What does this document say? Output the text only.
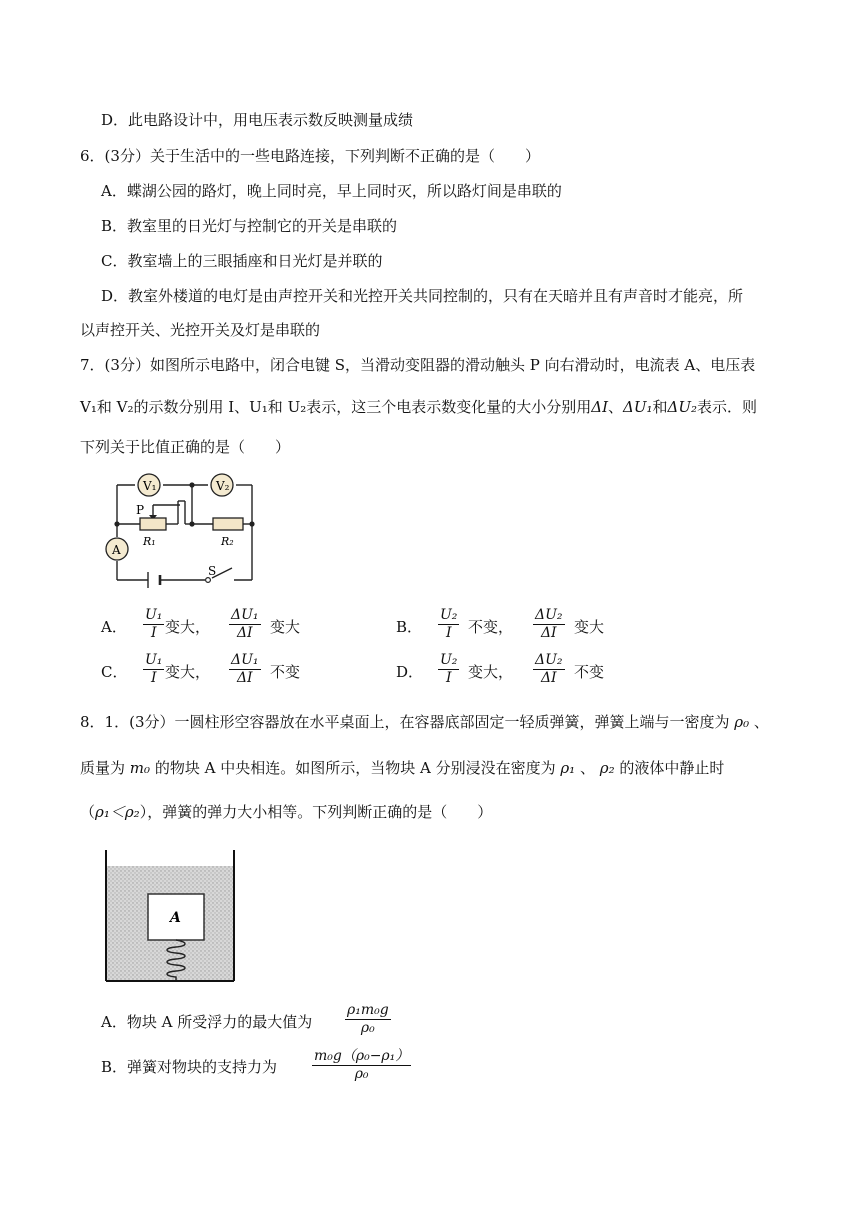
D．此电路设计中，用电压表示数反映测量成绩
6．(3分）关于生活中的一些电路连接，下列判断不正确的是（　　）
A．蝶湖公园的路灯，晚上同时亮，早上同时灭，所以路灯间是串联的
B．教室里的日光灯与控制它的开关是串联的
C．教室墙上的三眼插座和日光灯是并联的
D．教室外楼道的电灯是由声控开关和光控开关共同控制的，只有在天暗并且有声音时才能亮，所
以声控开关、光控开关及灯是串联的
7．(3分）如图所示电路中，闭合电键 S，当滑动变阻器的滑动触头 P 向右滑动时，电流表 A、电压表
V₁和 V₂的示数分别用 I、U₁和 U₂表示，这三个电表示数变化量的大小分别用ΔI、ΔU₁和ΔU₂表示．则
下列关于比值正确的是（　　）
V₁	V₂
A
P
R₁	R₂
S
A． $\frac{\text{U₁}}{I}$ 变大， $\frac{\text{ΔU₁}}{\Delta I}$ 变大	B． $\frac{\text{U₂}}{I}$ 不变， $\frac{\text{ΔU₂}}{\Delta I}$ 变大
C． $\frac{\text{U₁}}{I}$ 变大， $\frac{\text{ΔU₁}}{\Delta I}$ 不变	D． $\frac{\text{U₂}}{I}$ 变大， $\frac{\text{ΔU₂}}{\Delta I}$ 不变
8．1．(3分）一圆柱形空容器放在水平桌面上，在容器底部固定一轻质弹簧，弹簧上端与一密度为 ρ₀ 、
质量为 m₀ 的物块 A 中央相连。如图所示，当物块 A 分别浸没在密度为 ρ₁ 、 ρ₂ 的液体中静止时
（ρ₁＜ρ₂），弹簧的弹力大小相等。下列判断正确的是（　　）
A
A．物块 A 所受浮力的最大值为 $\frac{\text{ρ₁m₀g}}{\text{ρ₀}}$
B．弹簧对物块的支持力为 $\frac{\text{m₀g（ρ₀−ρ₁）}}{\text{ρ₀}}$
